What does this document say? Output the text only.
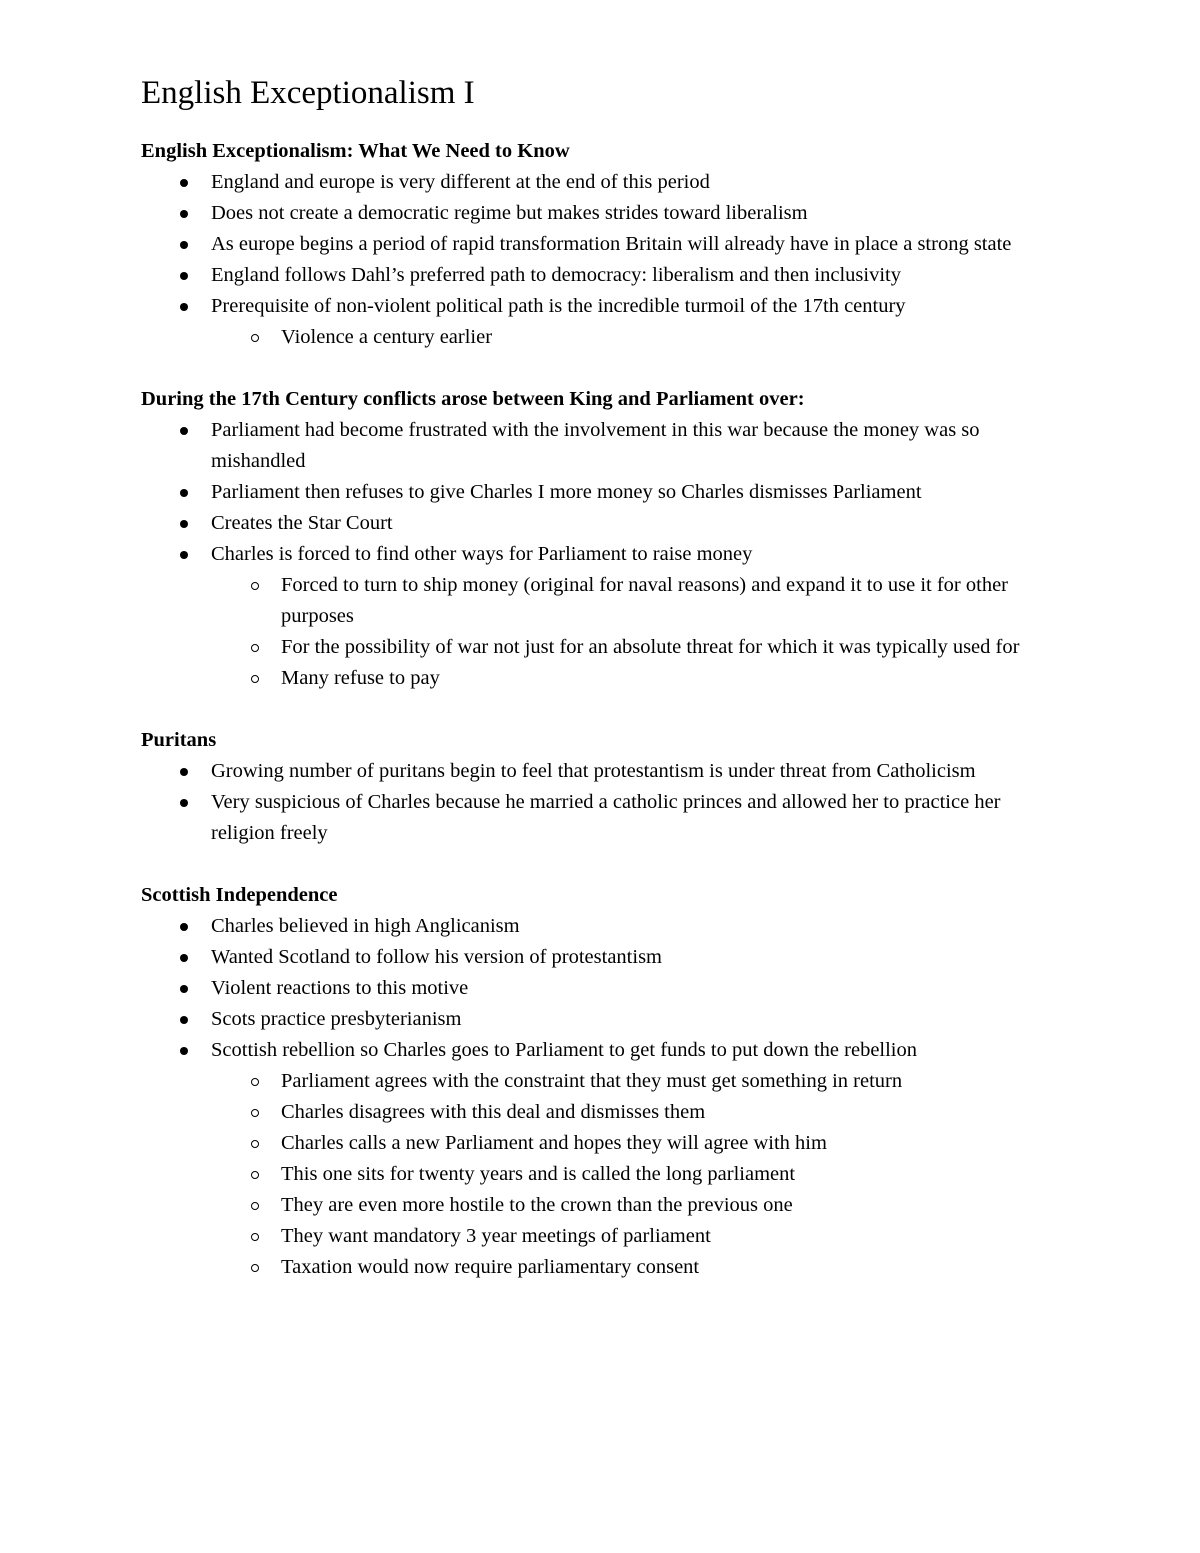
English Exceptionalism I
English Exceptionalism: What We Need to Know
England and europe is very different at the end of this period
Does not create a democratic regime but makes strides toward liberalism
As europe begins a period of rapid transformation Britain will already have in place a strong state
England follows Dahl’s preferred path to democracy: liberalism and then inclusivity
Prerequisite of non-violent political path is the incredible turmoil of the 17th century
Violence a century earlier
During the 17th Century conflicts arose between King and Parliament over:
Parliament had become frustrated with the involvement in this war because the money was so mishandled
Parliament then refuses to give Charles I more money so Charles dismisses Parliament
Creates the Star Court
Charles is forced to find other ways for Parliament to raise money
Forced to turn to ship money (original for naval reasons) and expand it to use it for other purposes
For the possibility of war not just for an absolute threat for which it was typically used for
Many refuse to pay
Puritans
Growing number of puritans begin to feel that protestantism is under threat from Catholicism
Very suspicious of Charles because he married a catholic princes and allowed her to practice her religion freely
Scottish Independence
Charles believed in high Anglicanism
Wanted Scotland to follow his version of protestantism
Violent reactions to this motive
Scots practice presbyterianism
Scottish rebellion so Charles goes to Parliament to get funds to put down the rebellion
Parliament agrees with the constraint that they must get something in return
Charles disagrees with this deal and dismisses them
Charles calls a new Parliament and hopes they will agree with him
This one sits for twenty years and is called the long parliament
They are even more hostile to the crown than the previous one
They want mandatory 3 year meetings of parliament
Taxation would now require parliamentary consent
